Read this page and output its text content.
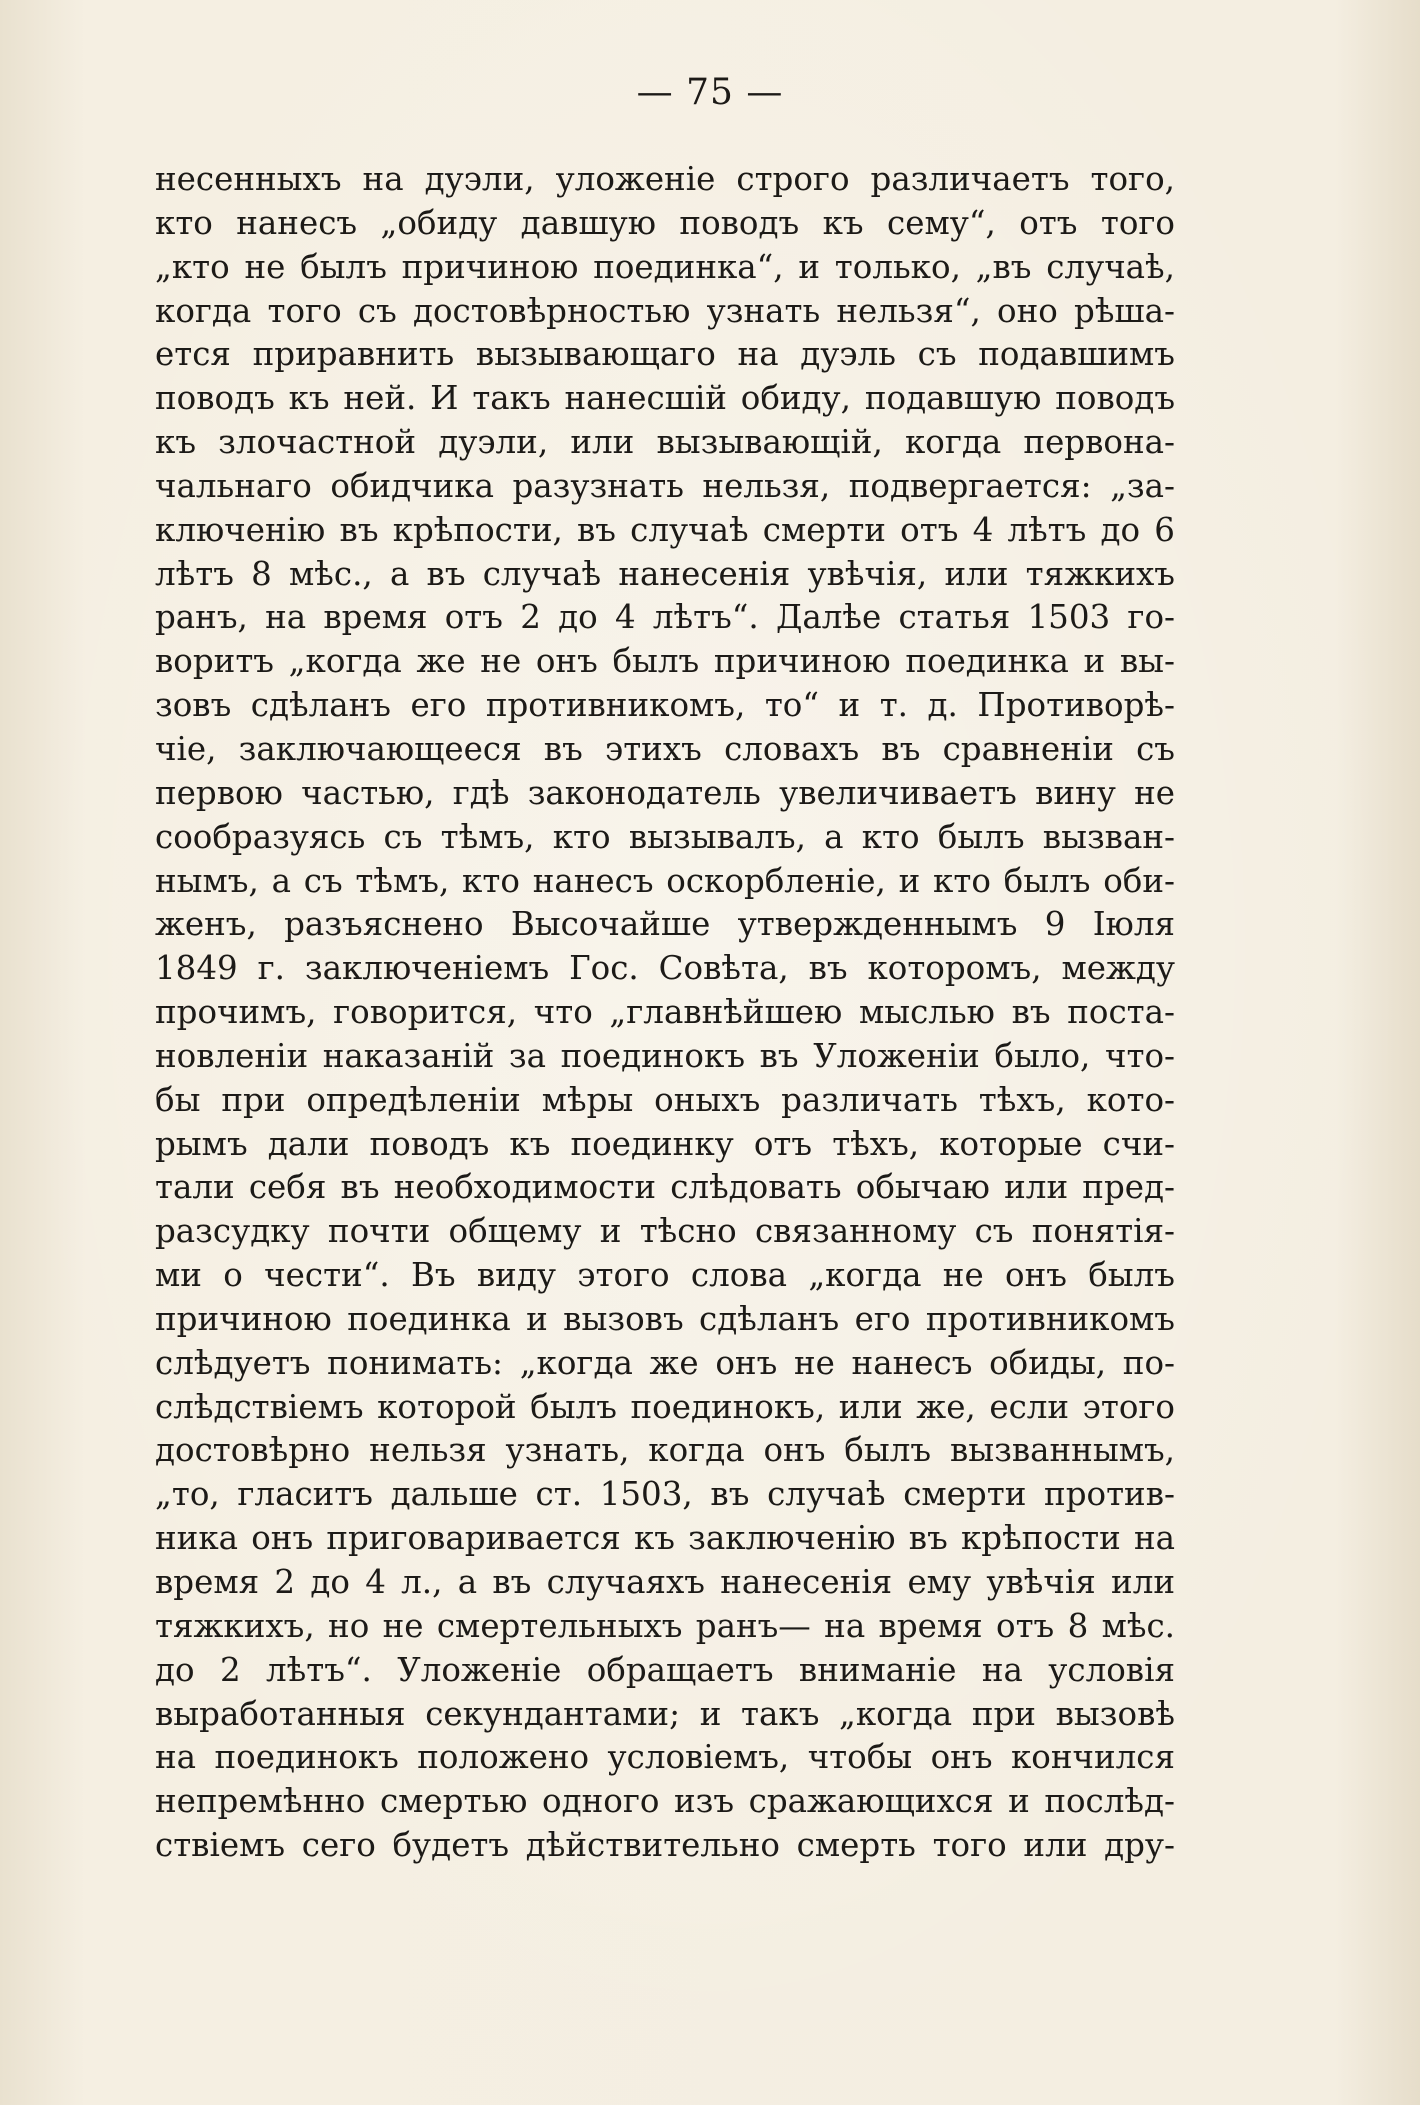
— 75 —
несенныхъ на дуэли, уложеніе строго различаетъ того,
кто нанесъ „обиду давшую поводъ къ сему“, отъ того
„кто не былъ причиною поединка“, и только, „въ случаѣ,
когда того съ достовѣрностью узнать нельзя“, оно рѣша-
ется приравнить вызывающаго на дуэль съ подавшимъ
поводъ къ ней. И такъ нанесшій обиду, подавшую поводъ
къ злочастной дуэли, или вызывающій, когда первона-
чальнаго обидчика разузнать нельзя, подвергается: „за-
ключенію въ крѣпости, въ случаѣ смерти отъ 4 лѣтъ до 6
лѣтъ 8 мѣс., а въ случаѣ нанесенія увѣчія, или тяжкихъ
ранъ, на время отъ 2 до 4 лѣтъ“. Далѣе статья 1503 го-
воритъ „когда же не онъ былъ причиною поединка и вы-
зовъ сдѣланъ его противникомъ, то“ и т. д. Противорѣ-
чіе, заключающееся въ этихъ словахъ въ сравненіи съ
первою частью, гдѣ законодатель увеличиваетъ вину не
сообразуясь съ тѣмъ, кто вызывалъ, а кто былъ вызван-
нымъ, а съ тѣмъ, кто нанесъ оскорбленіе, и кто былъ оби-
женъ, разъяснено Высочайше утвержденнымъ 9 Іюля
1849 г. заключеніемъ Гос. Совѣта, въ которомъ, между
прочимъ, говорится, что „главнѣйшею мыслью въ поста-
новленіи наказаній за поединокъ въ Уложеніи было, что-
бы при опредѣленіи мѣры оныхъ различать тѣхъ, кото-
рымъ дали поводъ къ поединку отъ тѣхъ, которые счи-
тали себя въ необходимости слѣдовать обычаю или пред-
разсудку почти общему и тѣсно связанному съ понятія-
ми о чести“. Въ виду этого слова „когда не онъ былъ
причиною поединка и вызовъ сдѣланъ его противникомъ
слѣдуетъ понимать: „когда же онъ не нанесъ обиды, по-
слѣдствіемъ которой былъ поединокъ, или же, если этого
достовѣрно нельзя узнать, когда онъ былъ вызваннымъ,
„то, гласитъ дальше ст. 1503, въ случаѣ смерти против-
ника онъ приговаривается къ заключенію въ крѣпости на
время 2 до 4 л., а въ случаяхъ нанесенія ему увѣчія или
тяжкихъ, но не смертельныхъ ранъ— на время отъ 8 мѣс.
до 2 лѣтъ“. Уложеніе обращаетъ вниманіе на условія
выработанныя секундантами; и такъ „когда при вызовѣ
на поединокъ положено условіемъ, чтобы онъ кончился
непремѣнно смертью одного изъ сражающихся и послѣд-
ствіемъ сего будетъ дѣйствительно смерть того или дру-
